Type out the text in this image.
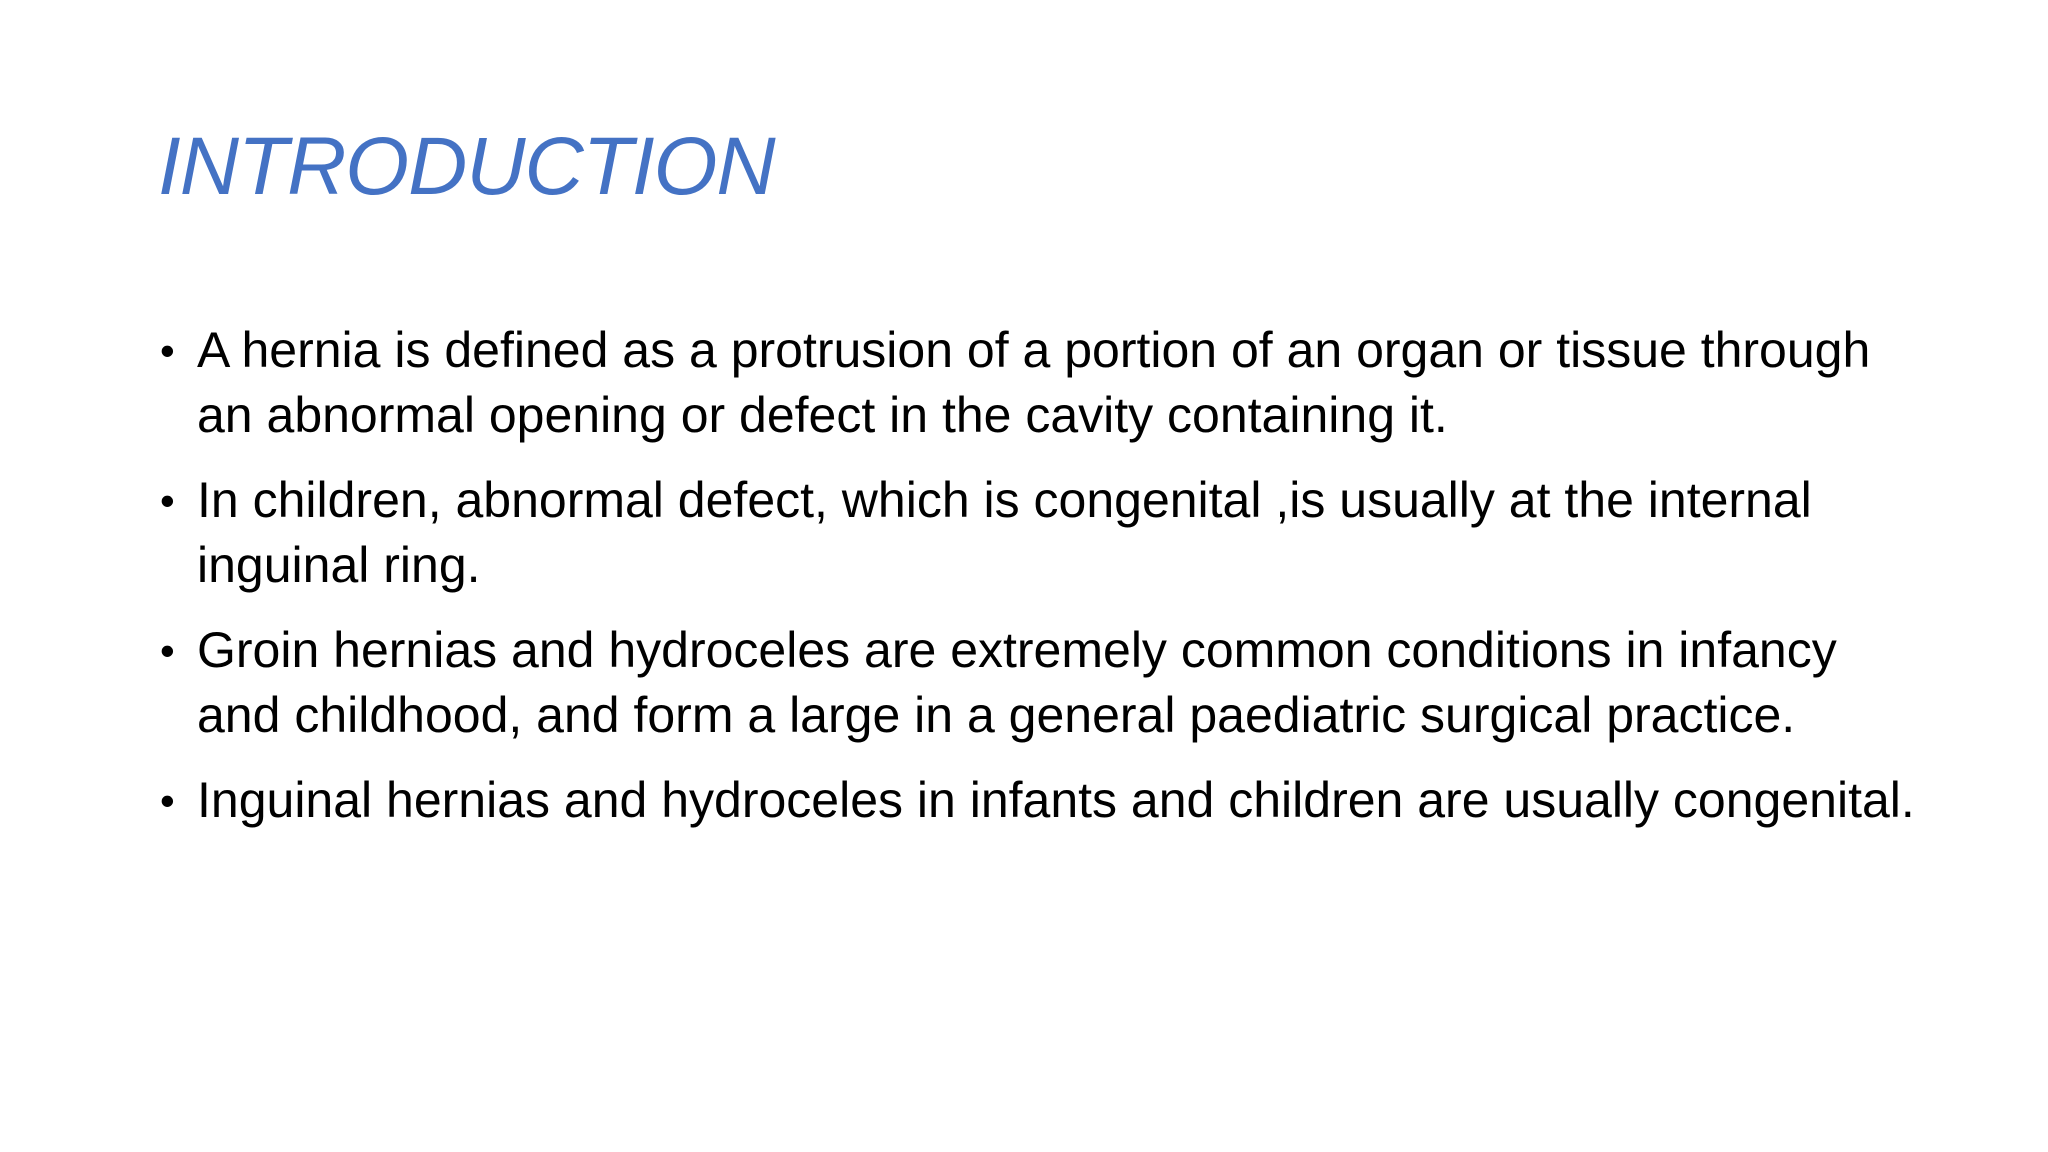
INTRODUCTION
• A hernia is defined as a protrusion of a portion of an organ or tissue through an abnormal opening or defect in the cavity containing it.
• In children, abnormal defect, which is congenital ,is usually at the internal inguinal ring.
• Groin hernias and hydroceles are extremely common conditions in infancy and childhood, and form a large in a general paediatric surgical practice.
• Inguinal hernias and hydroceles in infants and children are usually congenital.
